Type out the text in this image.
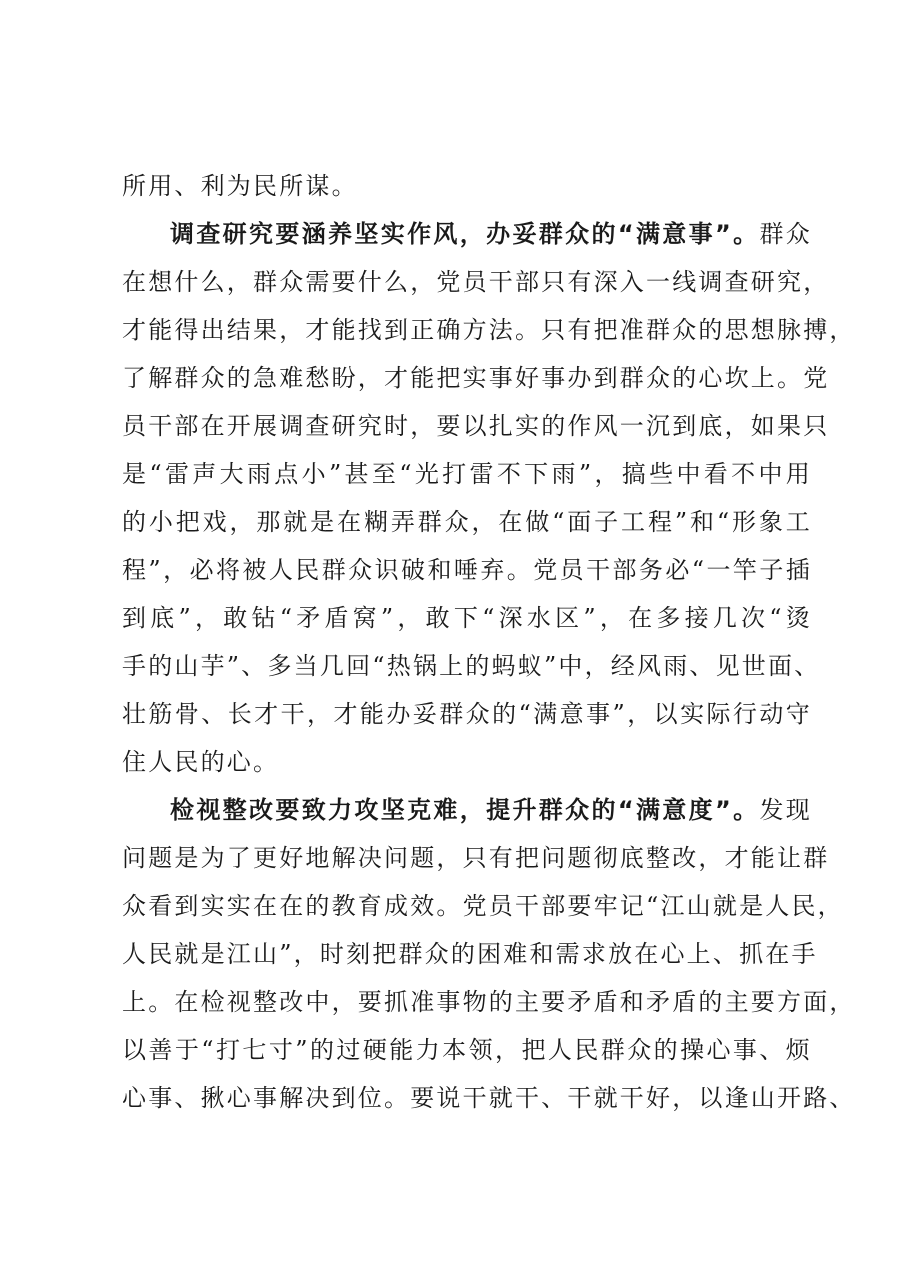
所用、利为民所谋。
调查研究要涵养坚实作风，办妥群众的“满意事”。群众
在想什么，群众需要什么，党员干部只有深入一线调查研究，
才能得出结果，才能找到正确方法。只有把准群众的思想脉搏，
了解群众的急难愁盼，才能把实事好事办到群众的心坎上。党
员干部在开展调查研究时，要以扎实的作风一沉到底，如果只
是“雷声大雨点小”甚至“光打雷不下雨”，搞些中看不中用
的小把戏，那就是在糊弄群众，在做“面子工程”和“形象工
程”，必将被人民群众识破和唾弃。党员干部务必“一竿子插
到底”，敢钻“矛盾窝”，敢下“深水区”，在多接几次“烫
手的山芋”、多当几回“热锅上的蚂蚁”中，经风雨、见世面、
壮筋骨、长才干，才能办妥群众的“满意事”，以实际行动守
住人民的心。
检视整改要致力攻坚克难，提升群众的“满意度”。发现
问题是为了更好地解决问题，只有把问题彻底整改，才能让群
众看到实实在在的教育成效。党员干部要牢记“江山就是人民，
人民就是江山”，时刻把群众的困难和需求放在心上、抓在手
上。在检视整改中，要抓准事物的主要矛盾和矛盾的主要方面，
以善于“打七寸”的过硬能力本领，把人民群众的操心事、烦
心事、揪心事解决到位。要说干就干、干就干好，以逢山开路、
